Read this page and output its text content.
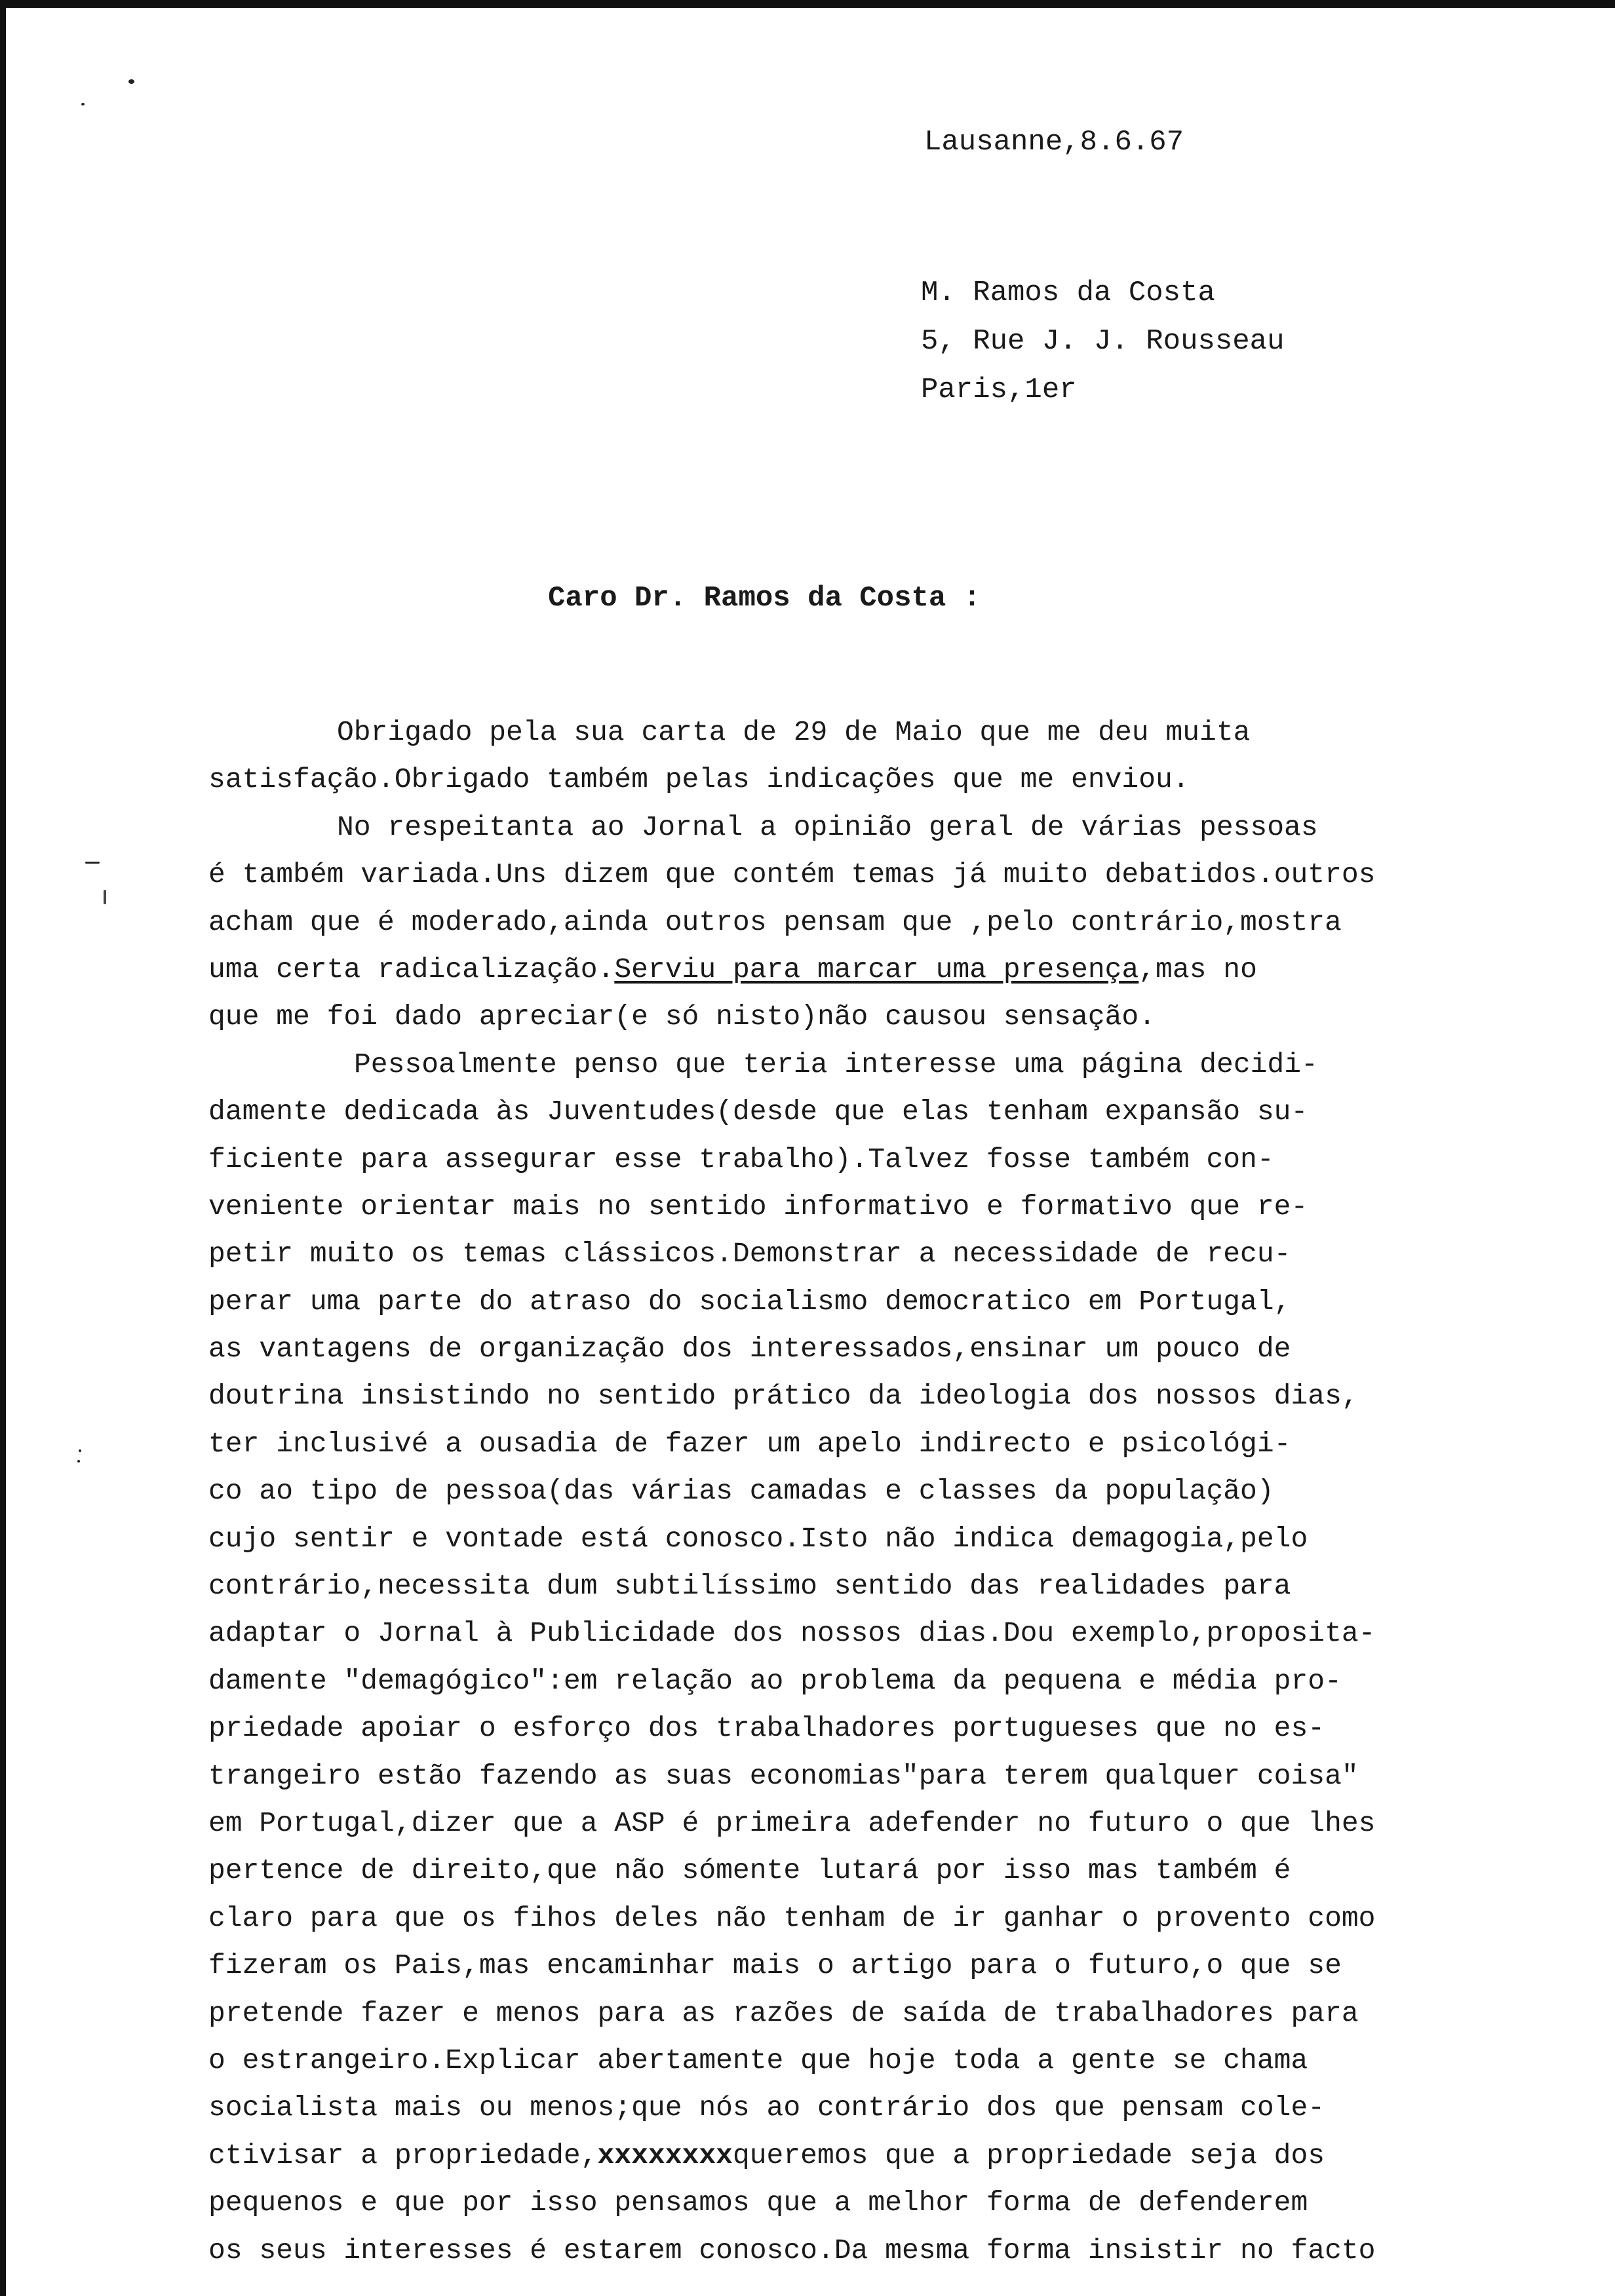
Lausanne,8.6.67
M. Ramos da Costa
5, Rue J. J. Rousseau
Paris,1er
Caro Dr. Ramos da Costa :
Obrigado pela sua carta de 29 de Maio que me deu muita
satisfação.Obrigado também pelas indicações que me enviou.
No respeitanta ao Jornal a opinião geral de várias pessoas
é também variada.Uns dizem que contém temas já muito debatidos.outros
acham que é moderado,ainda outros pensam que ,pelo contrário,mostra
uma certa radicalização.Serviu para marcar uma presença,mas no
que me foi dado apreciar(e só nisto)não causou sensação.
Pessoalmente penso que teria interesse uma página decidi-
damente dedicada às Juventudes(desde que elas tenham expansão su-
ficiente para assegurar esse trabalho).Talvez fosse também con-
veniente orientar mais no sentido informativo e formativo que re-
petir muito os temas clássicos.Demonstrar a necessidade de recu-
perar uma parte do atraso do socialismo democratico em Portugal,
as vantagens de organização dos interessados,ensinar um pouco de
doutrina insistindo no sentido prático da ideologia dos nossos dias,
ter inclusivé a ousadia de fazer um apelo indirecto e psicológi-
co ao tipo de pessoa(das várias camadas e classes da população)
cujo sentir e vontade está conosco.Isto não indica demagogia,pelo
contrário,necessita dum subtilíssimo sentido das realidades para
adaptar o Jornal à Publicidade dos nossos dias.Dou exemplo,proposita-
damente "demagógico":em relação ao problema da pequena e média pro-
priedade apoiar o esforço dos trabalhadores portugueses que no es-
trangeiro estão fazendo as suas economias"para terem qualquer coisa"
em Portugal,dizer que a ASP é primeira adefender no futuro o que lhes
pertence de direito,que não sómente lutará por isso mas também é
claro para que os fihos deles não tenham de ir ganhar o provento como
fizeram os Pais,mas encaminhar mais o artigo para o futuro,o que se
pretende fazer e menos para as razões de saída de trabalhadores para
o estrangeiro.Explicar abertamente que hoje toda a gente se chama
socialista mais ou menos;que nós ao contrário dos que pensam cole-
ctivisar a propriedade,xxxxxxxxqueremos que a propriedade seja dos
pequenos e que por isso pensamos que a melhor forma de defenderem
os seus interesses é estarem conosco.Da mesma forma insistir no facto
